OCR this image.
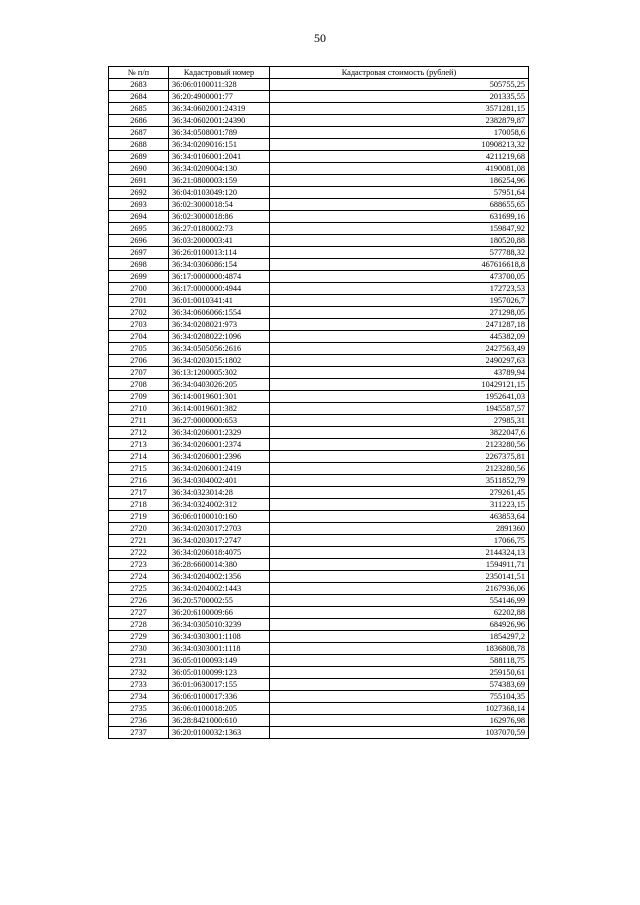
50
№ п/п	Кадастровый номер	Кадастровая стоимость (рублей)
2683	36:06:0100011:328	505755,25
2684	36:20:4900001:77	201335,55
2685	36:34:0602001:24319	3571281,15
2686	36:34:0602001:24390	2382879,87
2687	36:34:0508001:789	170058,6
2688	36:34:0209016:151	10908213,32
2689	36:34:0106001:2041	4211219,68
2690	36:34:0209004:130	4190081,08
2691	36:21:0800003:159	186254,96
2692	36:04:0103049:120	57951,64
2693	36:02:3000018:54	688655,65
2694	36:02:3000018:86	631699,16
2695	36:27:0180002:73	159847,92
2696	36:03:2000003:41	180520,88
2697	36:26:0100013:114	577788,32
2698	36:34:0306086:154	467616618,8
2699	36:17:0000000:4874	473700,05
2700	36:17:0000000:4944	172723,53
2701	36:01:0010341:41	1957026,7
2702	36:34:0606066:1554	271298,05
2703	36:34:0208021:973	2471287,18
2704	36:34:0208022:1096	445382,09
2705	36:34:0505056:2616	2427563,49
2706	36:34:0203015:1802	2490297,63
2707	36:13:1200005:302	43789,94
2708	36:34:0403026:205	10429121,15
2709	36:14:0019601:301	1952641,03
2710	36:14:0019601:382	1945587,57
2711	36:27:0000000:653	27985,31
2712	36:34:0206001:2329	3822047,6
2713	36:34:0206001:2374	2123280,56
2714	36:34:0206001:2396	2267375,81
2715	36:34:0206001:2419	2123280,56
2716	36:34:0304002:401	3511852,79
2717	36:34:0323014:28	279261,45
2718	36:34:0324002:312	311223,15
2719	36:06:0100010:160	463853,64
2720	36:34:0203017:2703	2891360
2721	36:34:0203017:2747	17066,75
2722	36:34:0206018:4075	2144324,13
2723	36:28:6600014:380	1594911,71
2724	36:34:0204002:1356	2350141,51
2725	36:34:0204002:1443	2167936,06
2726	36:20:5700002:55	554146,99
2727	36:20:6100009:66	62202,88
2728	36:34:0305010:3239	684926,96
2729	36:34:0303001:1108	1854297,2
2730	36:34:0303001:1118	1836808,78
2731	36:05:0100093:149	588118,75
2732	36:05:0100099:123	259150,61
2733	36:01:0630017:155	574383,69
2734	36:06:0100017:336	755104,35
2735	36:06:0100018:205	1027368,14
2736	36:28:8421000:610	162976,98
2737	36:20:0100032:1363	1037070,59
